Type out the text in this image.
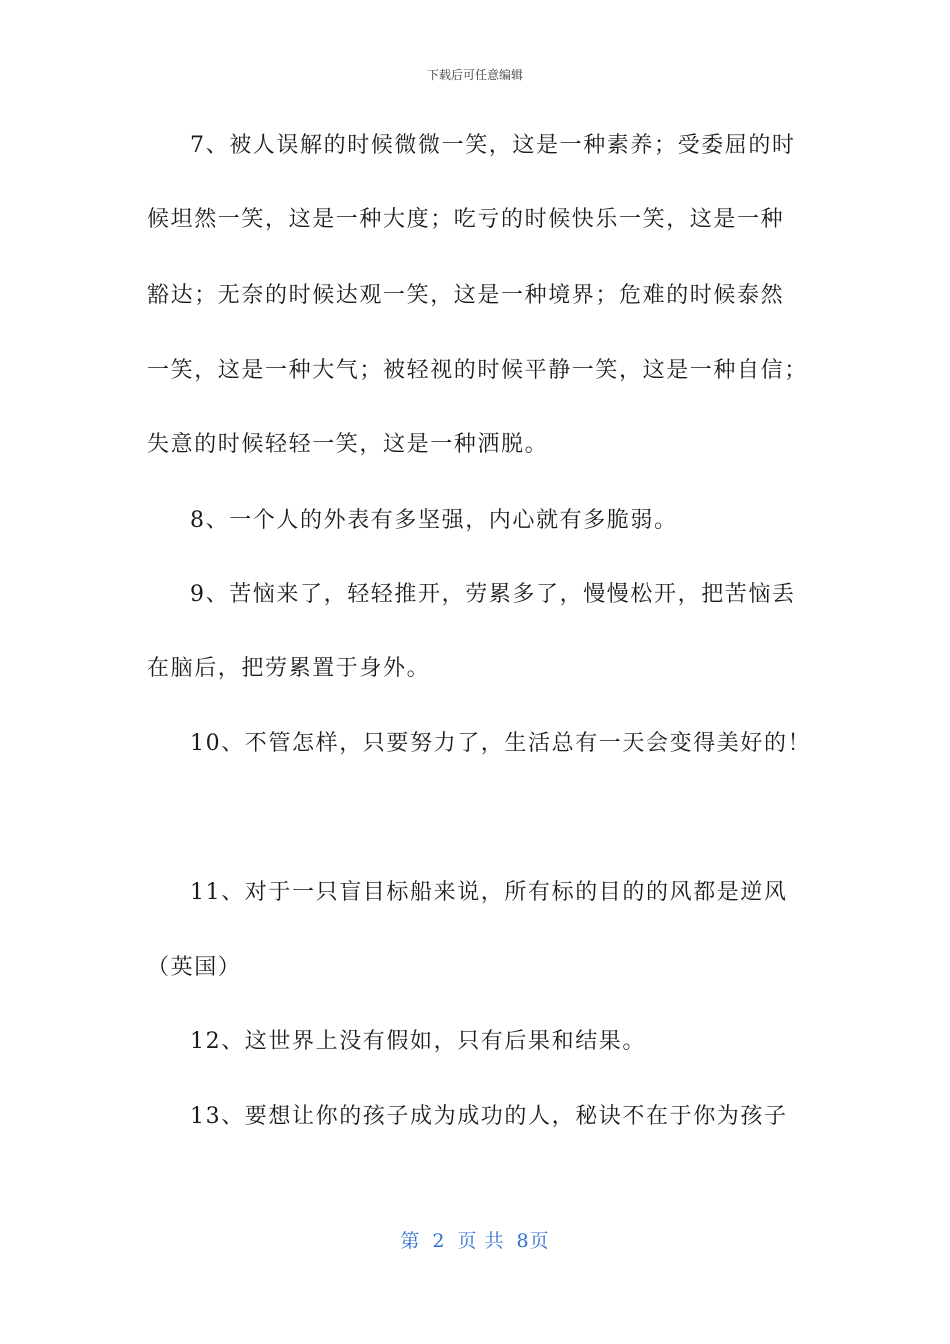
下载后可任意编辑
7、被人误解的时候微微一笑，这是一种素养；受委屈的时
候坦然一笑，这是一种大度；吃亏的时候快乐一笑，这是一种
豁达；无奈的时候达观一笑，这是一种境界；危难的时候泰然
一笑，这是一种大气；被轻视的时候平静一笑，这是一种自信；
失意的时候轻轻一笑，这是一种洒脱。
8、一个人的外表有多坚强，内心就有多脆弱。
9、苦恼来了，轻轻推开，劳累多了，慢慢松开，把苦恼丢
在脑后，把劳累置于身外。
10、不管怎样，只要努力了，生活总有一天会变得美好的！
11、对于一只盲目标船来说，所有标的目的的风都是逆风
（英国）
12、这世界上没有假如，只有后果和结果。
13、要想让你的孩子成为成功的人，秘诀不在于你为孩子
第 2 页 共 8页
